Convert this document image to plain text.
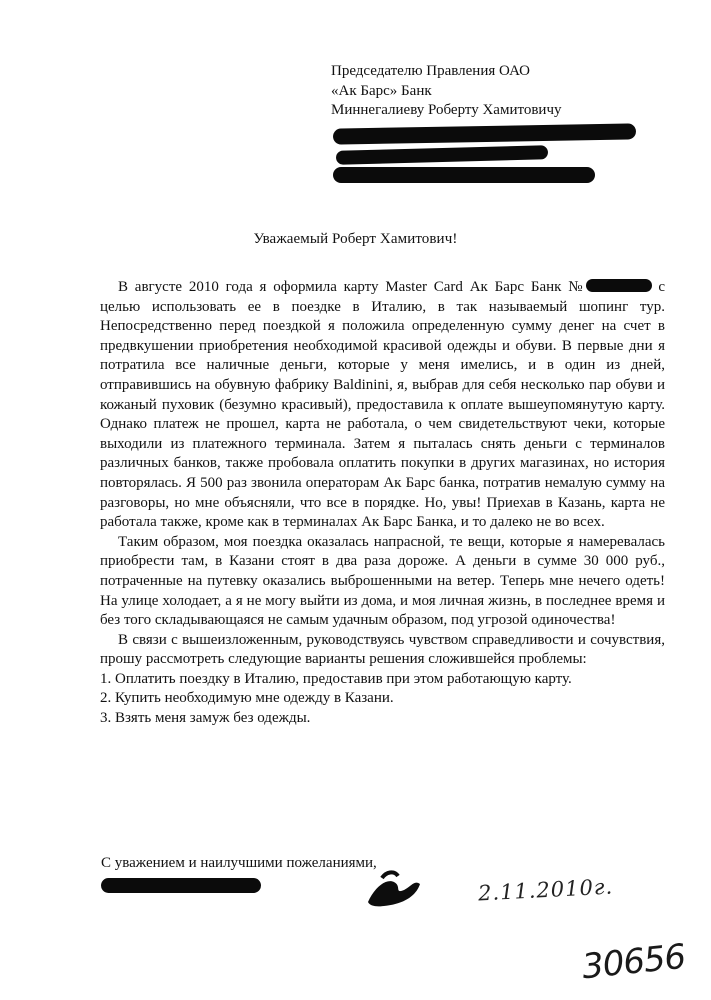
Председателю Правления ОАО
«Ак Барс» Банк
Миннегалиеву Роберту Хамитовичу
Уважаемый Роберт Хамитович!

В августе 2010 года я оформила карту Master Card Ак Барс Банк №	с целью использовать ее в поездке в Италию, в так называемый шопинг тур. Непосредственно перед поездкой я положила определенную сумму денег на счет в предвкушении приобретения необходимой красивой одежды и обуви. В первые дни я потратила все наличные деньги, которые у меня имелись, и в один из дней, отправившись на обувную фабрику Baldinini, я, выбрав для себя несколько пар обуви и кожаный пуховик (безумно красивый), предоставила к оплате вышеупомянутую карту. Однако платеж не прошел, карта не работала, о чем свидетельствуют чеки, которые выходили из платежного терминала. Затем я пыталась снять деньги с терминалов различных банков, также пробовала оплатить покупки в других магазинах, но история повторялась. Я 500 раз звонила операторам Ак Барс банка, потратив немалую сумму на разговоры, но мне объясняли, что все в порядке. Но, увы! Приехав в Казань, карта не работала также, кроме как в терминалах Ак Барс Банка, и то далеко не во всех.

Таким образом, моя поездка оказалась напрасной, те вещи, которые я намеревалась приобрести там, в Казани стоят в два раза дороже. А деньги в сумме 30 000 руб., потраченные на путевку оказались выброшенными на ветер. Теперь мне нечего одеть! На улице холодает, а я не могу выйти из дома, и моя личная жизнь, в последнее время и без того складывающаяся не самым удачным образом, под угрозой одиночества!

В связи с вышеизложенным, руководствуясь чувством справедливости и сочувствия, прошу рассмотреть следующие варианты решения сложившейся проблемы:

1. Оплатить поездку в Италию, предоставив при этом работающую карту.
2. Купить необходимую мне одежду в Казани.
3. Взять меня замуж без одежды.
С уважением и наилучшими пожеланиями,
2.11.2010г.
30656
